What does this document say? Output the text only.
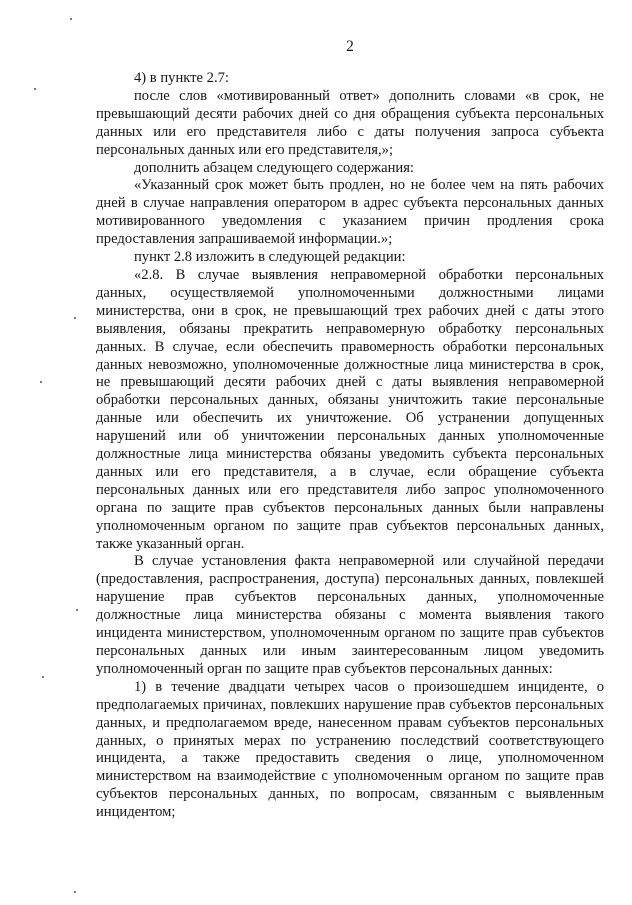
2

4) в пункте 2.7:

после слов «мотивированный ответ» дополнить словами «в срок, не превышающий десяти рабочих дней со дня обращения субъекта персональных данных или его представителя либо с даты получения запроса субъекта персональных данных или его представителя,»;

дополнить абзацем следующего содержания:

«Указанный срок может быть продлен, но не более чем на пять рабочих дней в случае направления оператором в адрес субъекта персональных данных мотивированного уведомления с указанием причин продления срока предоставления запрашиваемой информации.»;

пункт 2.8 изложить в следующей редакции:

«2.8. В случае выявления неправомерной обработки персональных данных, осуществляемой уполномоченными должностными лицами министерства, они в срок, не превышающий трех рабочих дней с даты этого выявления, обязаны прекратить неправомерную обработку персональных данных. В случае, если обеспечить правомерность обработки персональных данных невозможно, уполномоченные должностные лица министерства в срок, не превышающий десяти рабочих дней с даты выявления неправомерной обработки персональных данных, обязаны уничтожить такие персональные данные или обеспечить их уничтожение. Об устранении допущенных нарушений или об уничтожении персональных данных уполномоченные должностные лица министерства обязаны уведомить субъекта персональных данных или его представителя, а в случае, если обращение субъекта персональных данных или его представителя либо запрос уполномоченного органа по защите прав субъектов персональных данных были направлены уполномоченным органом по защите прав субъектов персональных данных, также указанный орган.

В случае установления факта неправомерной или случайной передачи (предоставления, распространения, доступа) персональных данных, повлекшей нарушение прав субъектов персональных данных, уполномоченные должностные лица министерства обязаны с момента выявления такого инцидента министерством, уполномоченным органом по защите прав субъектов персональных данных или иным заинтересованным лицом уведомить уполномоченный орган по защите прав субъектов персональных данных:

1) в течение двадцати четырех часов о произошедшем инциденте, о предполагаемых причинах, повлекших нарушение прав субъектов персональных данных, и предполагаемом вреде, нанесенном правам субъектов персональных данных, о принятых мерах по устранению последствий соответствующего инцидента, а также предоставить сведения о лице, уполномоченном министерством на взаимодействие с уполномоченным органом по защите прав субъектов персональных данных, по вопросам, связанным с выявленным инцидентом;
